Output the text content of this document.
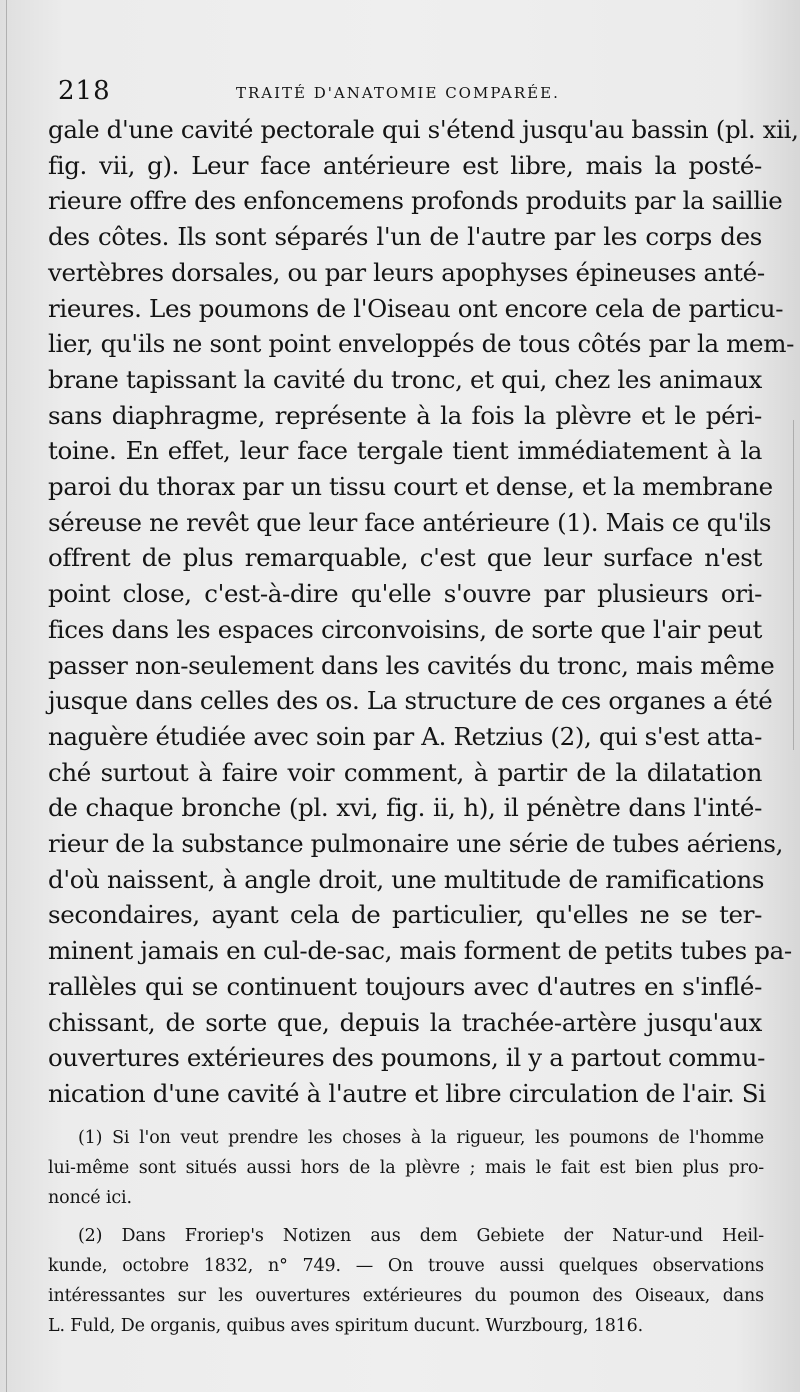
218	TRAITÉ D'ANATOMIE COMPARÉE.
gale d'une cavité pectorale qui s'étend jusqu'au bassin (pl. xii,
fig. vii, g). Leur face antérieure est libre, mais la posté-
rieure offre des enfoncemens profonds produits par la saillie
des côtes. Ils sont séparés l'un de l'autre par les corps des
vertèbres dorsales, ou par leurs apophyses épineuses anté-
rieures. Les poumons de l'Oiseau ont encore cela de particu-
lier, qu'ils ne sont point enveloppés de tous côtés par la mem-
brane tapissant la cavité du tronc, et qui, chez les animaux
sans diaphragme, représente à la fois la plèvre et le péri-
toine. En effet, leur face tergale tient immédiatement à la
paroi du thorax par un tissu court et dense, et la membrane
séreuse ne revêt que leur face antérieure (1). Mais ce qu'ils
offrent de plus remarquable, c'est que leur surface n'est
point close, c'est-à-dire qu'elle s'ouvre par plusieurs ori-
fices dans les espaces circonvoisins, de sorte que l'air peut
passer non-seulement dans les cavités du tronc, mais même
jusque dans celles des os. La structure de ces organes a été
naguère étudiée avec soin par A. Retzius (2), qui s'est atta-
ché surtout à faire voir comment, à partir de la dilatation
de chaque bronche (pl. xvi, fig. ii, h), il pénètre dans l'inté-
rieur de la substance pulmonaire une série de tubes aériens,
d'où naissent, à angle droit, une multitude de ramifications
secondaires, ayant cela de particulier, qu'elles ne se ter-
minent jamais en cul-de-sac, mais forment de petits tubes pa-
rallèles qui se continuent toujours avec d'autres en s'inflé-
chissant, de sorte que, depuis la trachée-artère jusqu'aux
ouvertures extérieures des poumons, il y a partout commu-
nication d'une cavité à l'autre et libre circulation de l'air. Si
(1) Si l'on veut prendre les choses à la rigueur, les poumons de l'homme
lui-même sont situés aussi hors de la plèvre ; mais le fait est bien plus pro-
noncé ici.
(2) Dans Froriep's Notizen aus dem Gebiete der Natur-und Heil-
kunde, octobre 1832, n° 749. — On trouve aussi quelques observations
intéressantes sur les ouvertures extérieures du poumon des Oiseaux, dans
L. Fuld, De organis, quibus aves spiritum ducunt. Wurzbourg, 1816.
